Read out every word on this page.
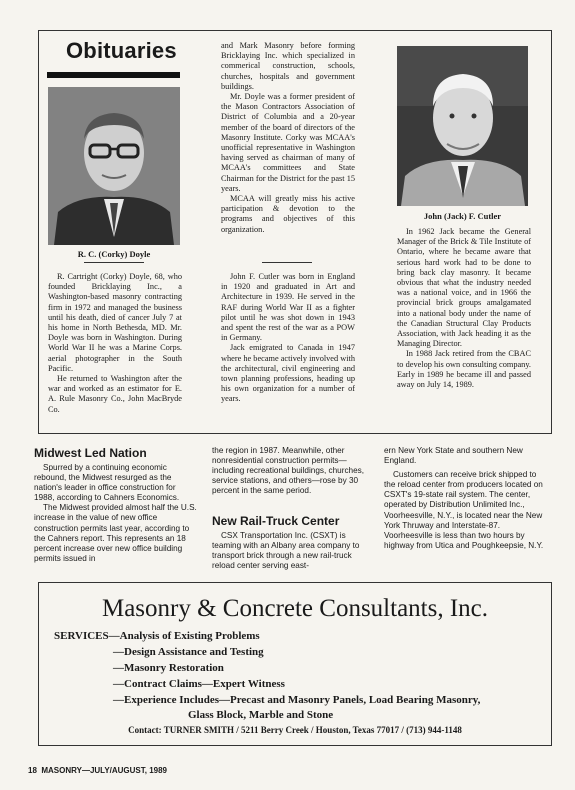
Obituaries
R. C. (Corky) Doyle

R. Cartright (Corky) Doyle, 68, who founded Bricklaying Inc., a Washington-based masonry contracting firm in 1972 and managed the business until his death, died of cancer July 7 at his home in North Bethesda, MD. Mr. Doyle was born in Washington. During World War II he was a Marine Corps. aerial photographer in the South Pacific.

He returned to Washington after the war and worked as an estimator for E. A. Rule Masonry Co., John MacBryde Co.

and Mark Masonry before forming Bricklaying Inc. which specialized in commerical construction, schools, churches, hospitals and government buildings.

Mr. Doyle was a former president of the Mason Contractors Association of District of Columbia and a 20-year member of the board of directors of the Masonry Institute. Corky was MCAA's unofficial representative in Washington having served as chairman of many of MCAA's committees and State Chairman for the District for the past 15 years.

MCAA will greatly miss his active participation & devotion to the programs and objectives of this organization.

John F. Cutler was born in England in 1920 and graduated in Art and Architecture in 1939. He served in the RAF during World War II as a fighter pilot until he was shot down in 1943 and spent the rest of the war as a POW in Germany.

Jack emigrated to Canada in 1947 where he became actively involved with the architectural, civil engineering and town planning professions, heading up his own organization for a number of years.

John (Jack) F. Cutler

In 1962 Jack became the General Manager of the Brick & Tile Institute of Ontario, where he became aware that serious hard work had to be done to bring back clay masonry. It became obvious that what the industry needed was a national voice, and in 1966 the provincial brick groups amalgamated into a national body under the name of the Canadian Structural Clay Products Association, with Jack heading it as the Managing Director.

In 1988 Jack retired from the CBAC to develop his own consulting company. Early in 1989 he became ill and passed away on July 14, 1989.

Midwest Led Nation

Spurred by a continuing economic rebound, the Midwest resurged as the nation's leader in office construction for 1988, according to Cahners Economics.

The Midwest provided almost half the U.S. increase in the value of new office construction permits last year, according to the Cahners report. This represents an 18 percent increase over new office building permits issued in

the region in 1987. Meanwhile, other nonresidential construction permits—including recreational buildings, churches, service stations, and others—rose by 30 percent in the same period.

New Rail-Truck Center

CSX Transportation Inc. (CSXT) is teaming with an Albany area company to transport brick through a new rail-truck reload center serving east-

ern New York State and southern New England.

Customers can receive brick shipped to the reload center from producers located on CSXT's 19-state rail system. The center, operated by Distribution Unlimited Inc., Voorheesville, N.Y., is located near the New York Thruway and Interstate-87. Voorheesville is less than two hours by highway from Utica and Poughkeepsie, N.Y.

Masonry & Concrete Consultants, Inc.
SERVICES—Analysis of Existing Problems
—Design Assistance and Testing
—Masonry Restoration
—Contract Claims—Expert Witness
—Experience Includes—Precast and Masonry Panels, Load Bearing Masonry,
Glass Block, Marble and Stone
Contact: TURNER SMITH / 5211 Berry Creek / Houston, Texas 77017 / (713) 944-1148
18  MASONRY—JULY/AUGUST, 1989
